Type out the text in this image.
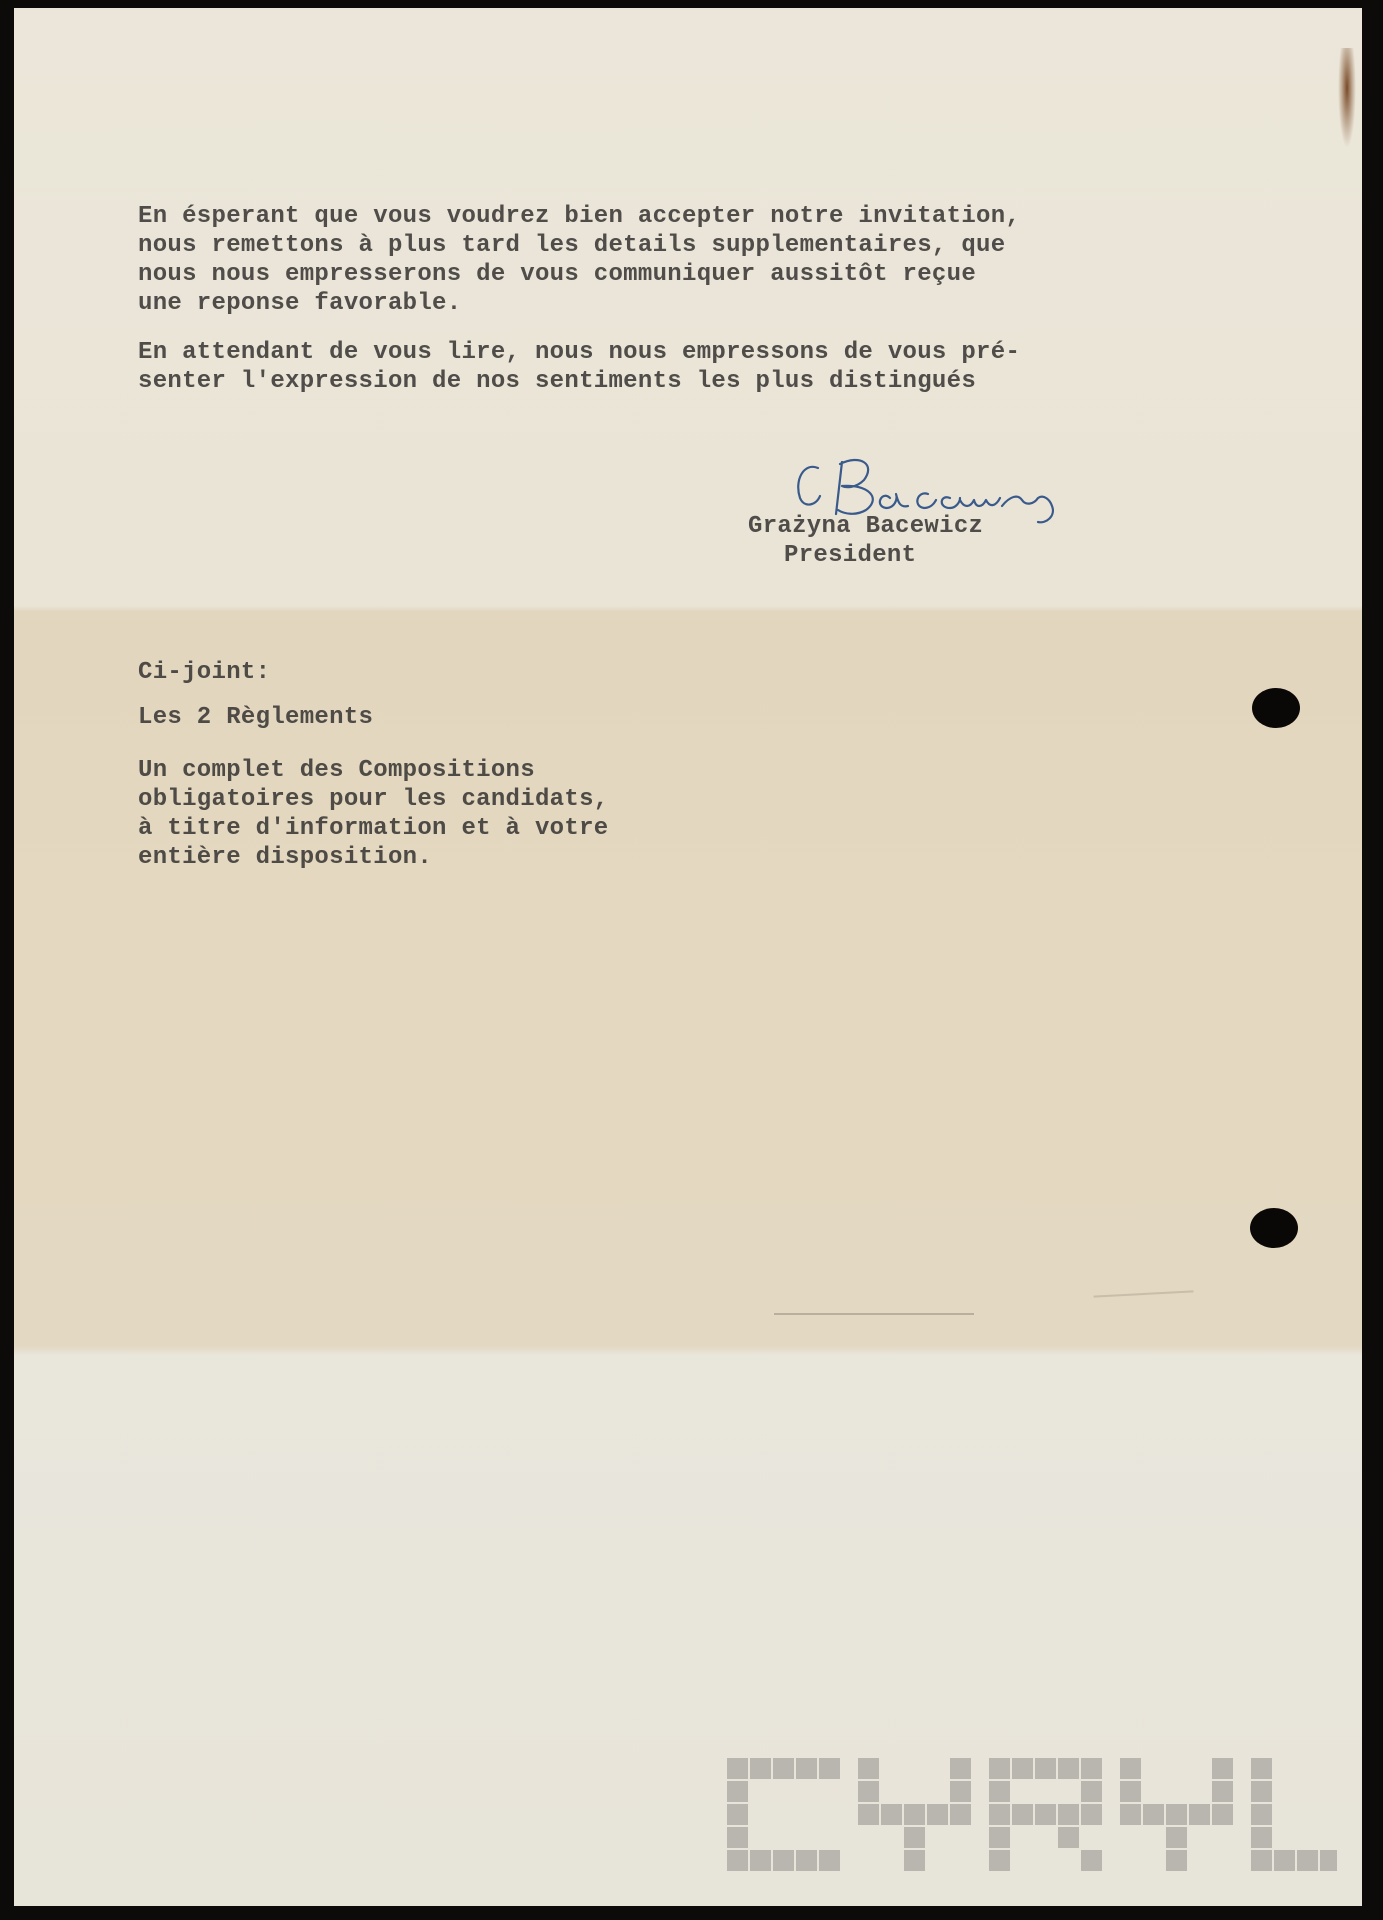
En ésperant que vous voudrez bien accepter notre invitation,
nous remettons à plus tard les details supplementaires, que
nous nous empresserons de vous communiquer aussitôt reçue
une reponse favorable.
En attendant de vous lire, nous nous empressons de vous pré-
senter l'expression de nos sentiments les plus distingués
Grażyna Bacewicz
President
Ci-joint:
Les 2 Règlements
Un complet des Compositions
obligatoires pour les candidats,
à titre d'information et à votre
entière disposition.
